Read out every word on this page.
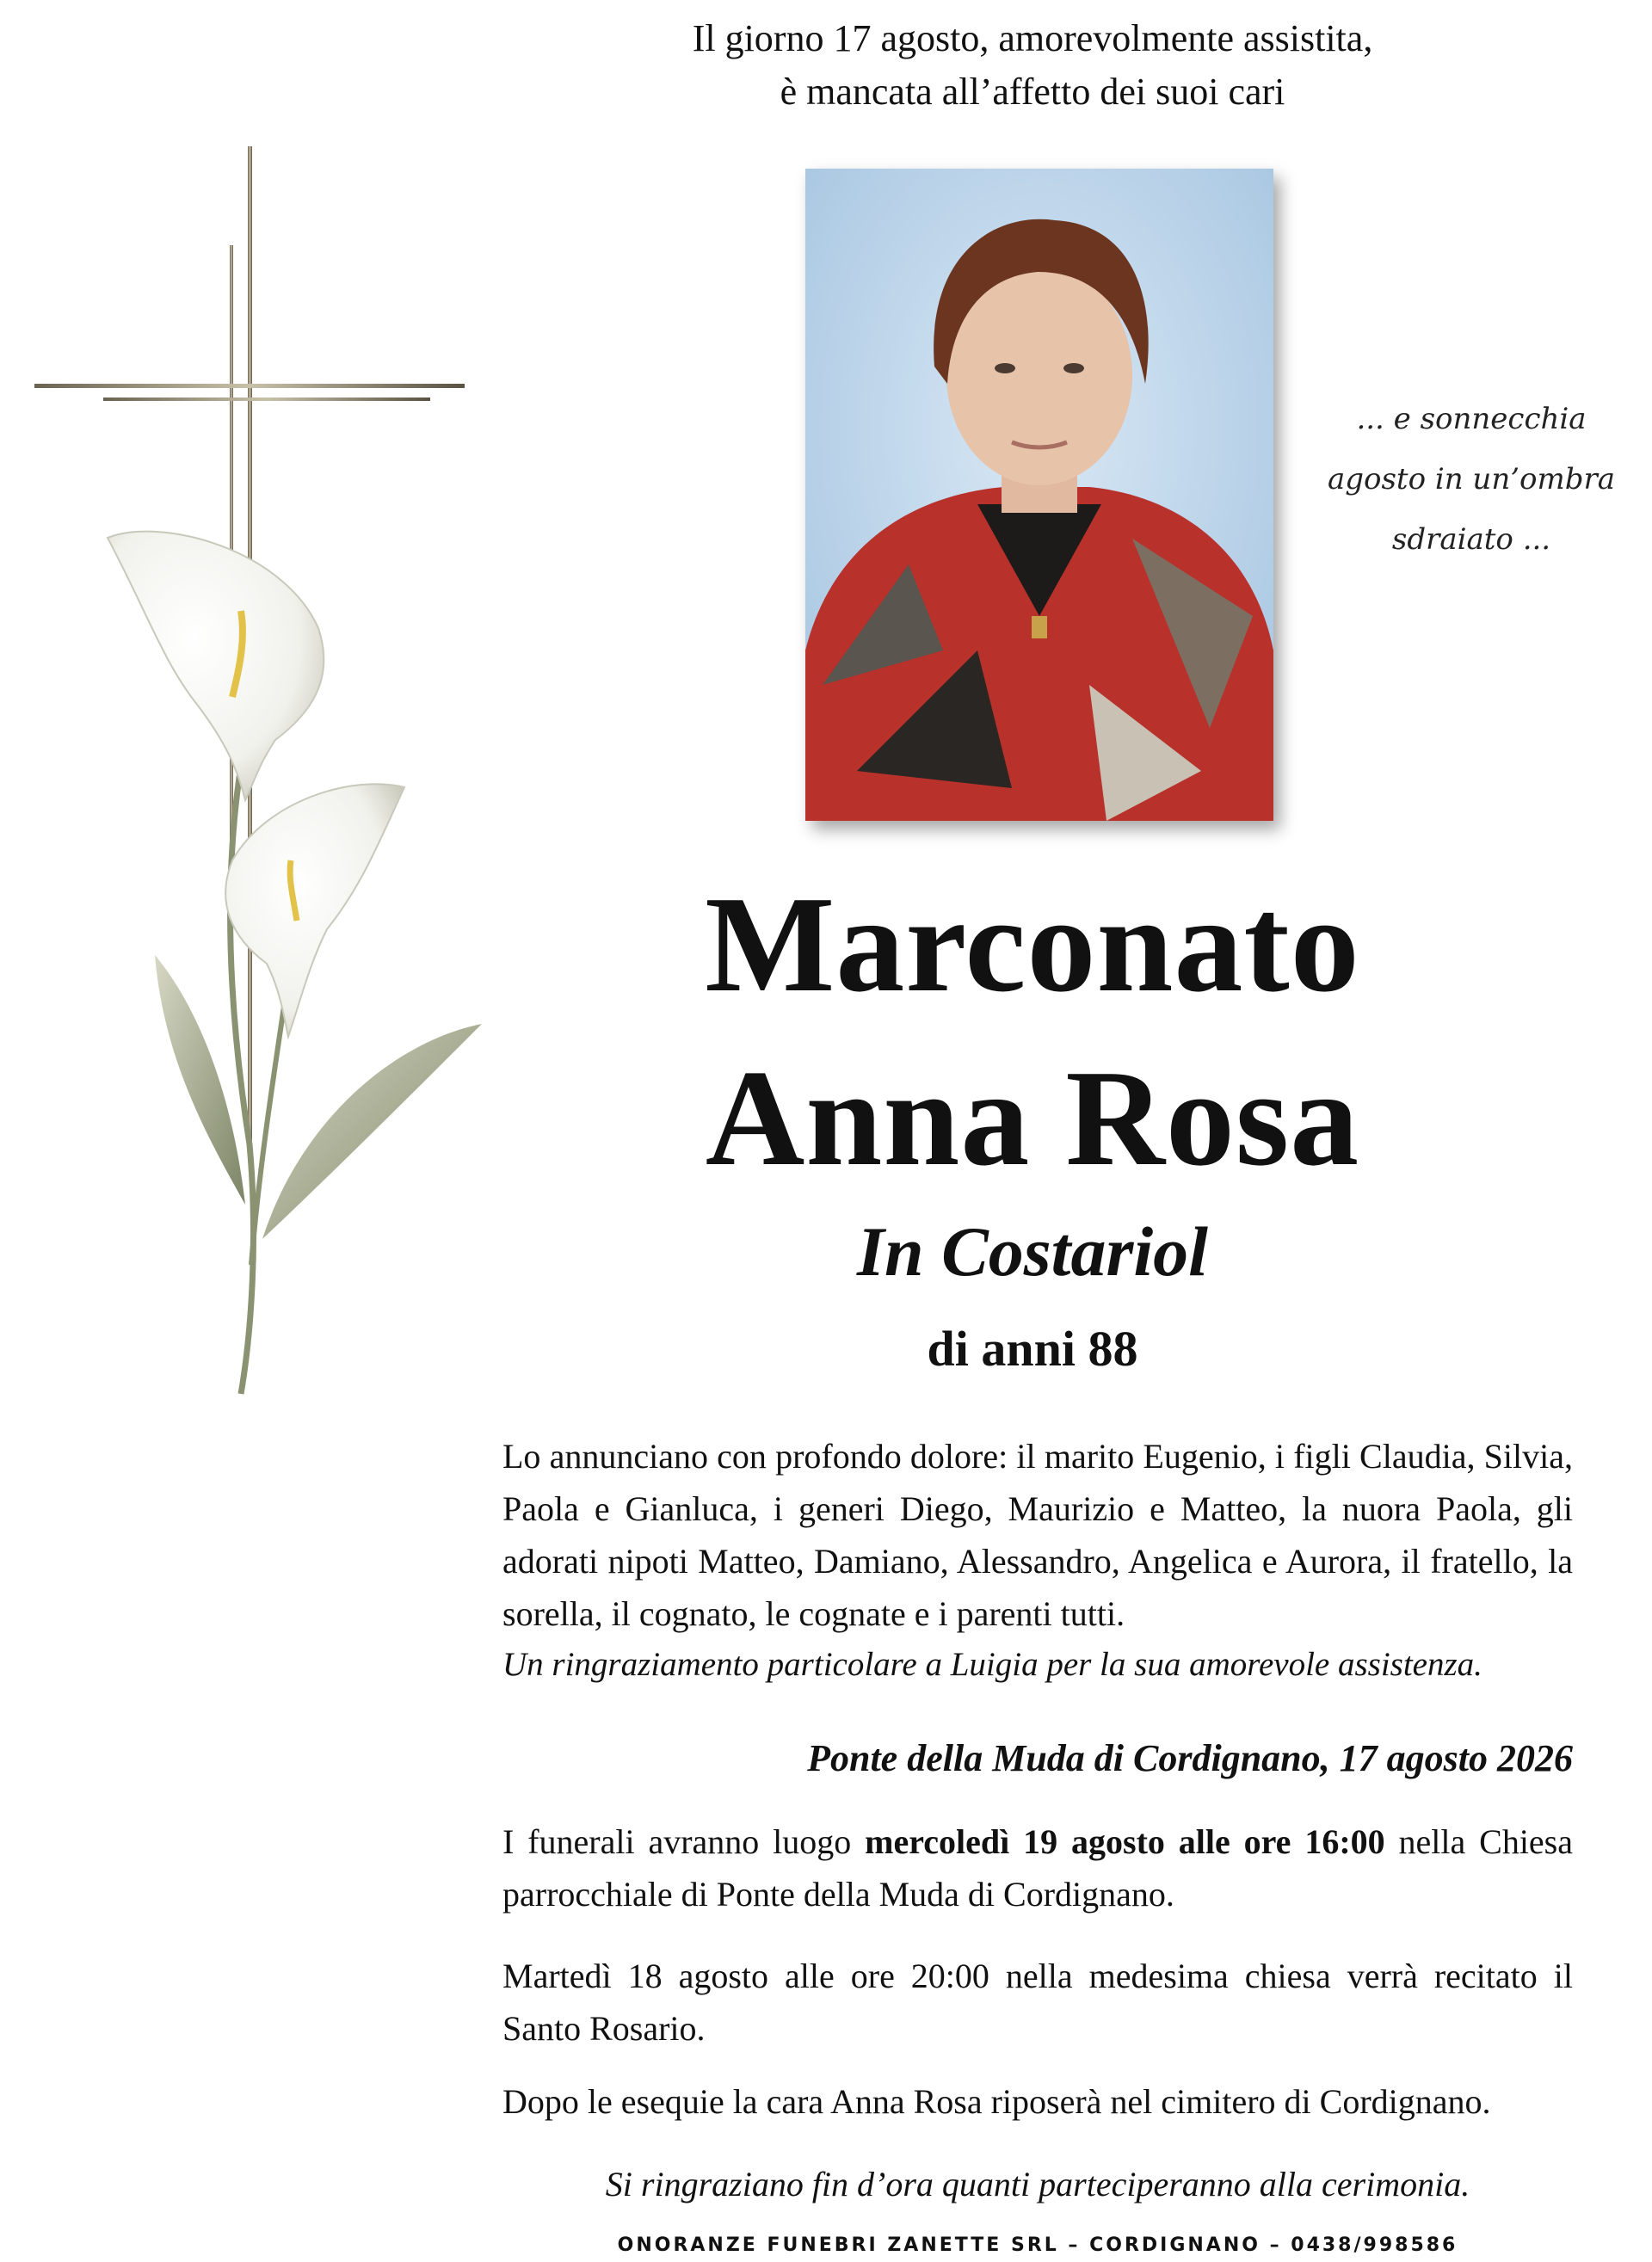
Il giorno 17 agosto, amorevolmente assistita,
è mancata all’affetto dei suoi cari
... e sonnecchia
agosto in un’ombra
sdraiato ...
Marconato
Anna Rosa
In Costariol
di anni 88
Lo annunciano con profondo dolore: il marito Eugenio, i figli Claudia, Silvia, Paola e Gianluca, i generi Diego, Maurizio e Matteo, la nuora Paola, gli adorati nipoti Matteo, Damiano, Alessandro, Angelica e Aurora, il fratello, la sorella, il cognato, le cognate e i parenti tutti.
Un ringraziamento particolare a Luigia per la sua amorevole assistenza.
Ponte della Muda di Cordignano, 17 agosto 2026
I funerali avranno luogo mercoledì 19 agosto alle ore 16:00 nella Chiesa parrocchiale di Ponte della Muda di Cordignano.
Martedì 18 agosto alle ore 20:00 nella medesima chiesa verrà recitato il Santo Rosario.
Dopo le esequie la cara Anna Rosa riposerà nel cimitero di Cordignano.
Si ringraziano fin d’ora quanti parteciperanno alla cerimonia.
ONORANZE FUNEBRI ZANETTE SRL – CORDIGNANO – 0438/998586
